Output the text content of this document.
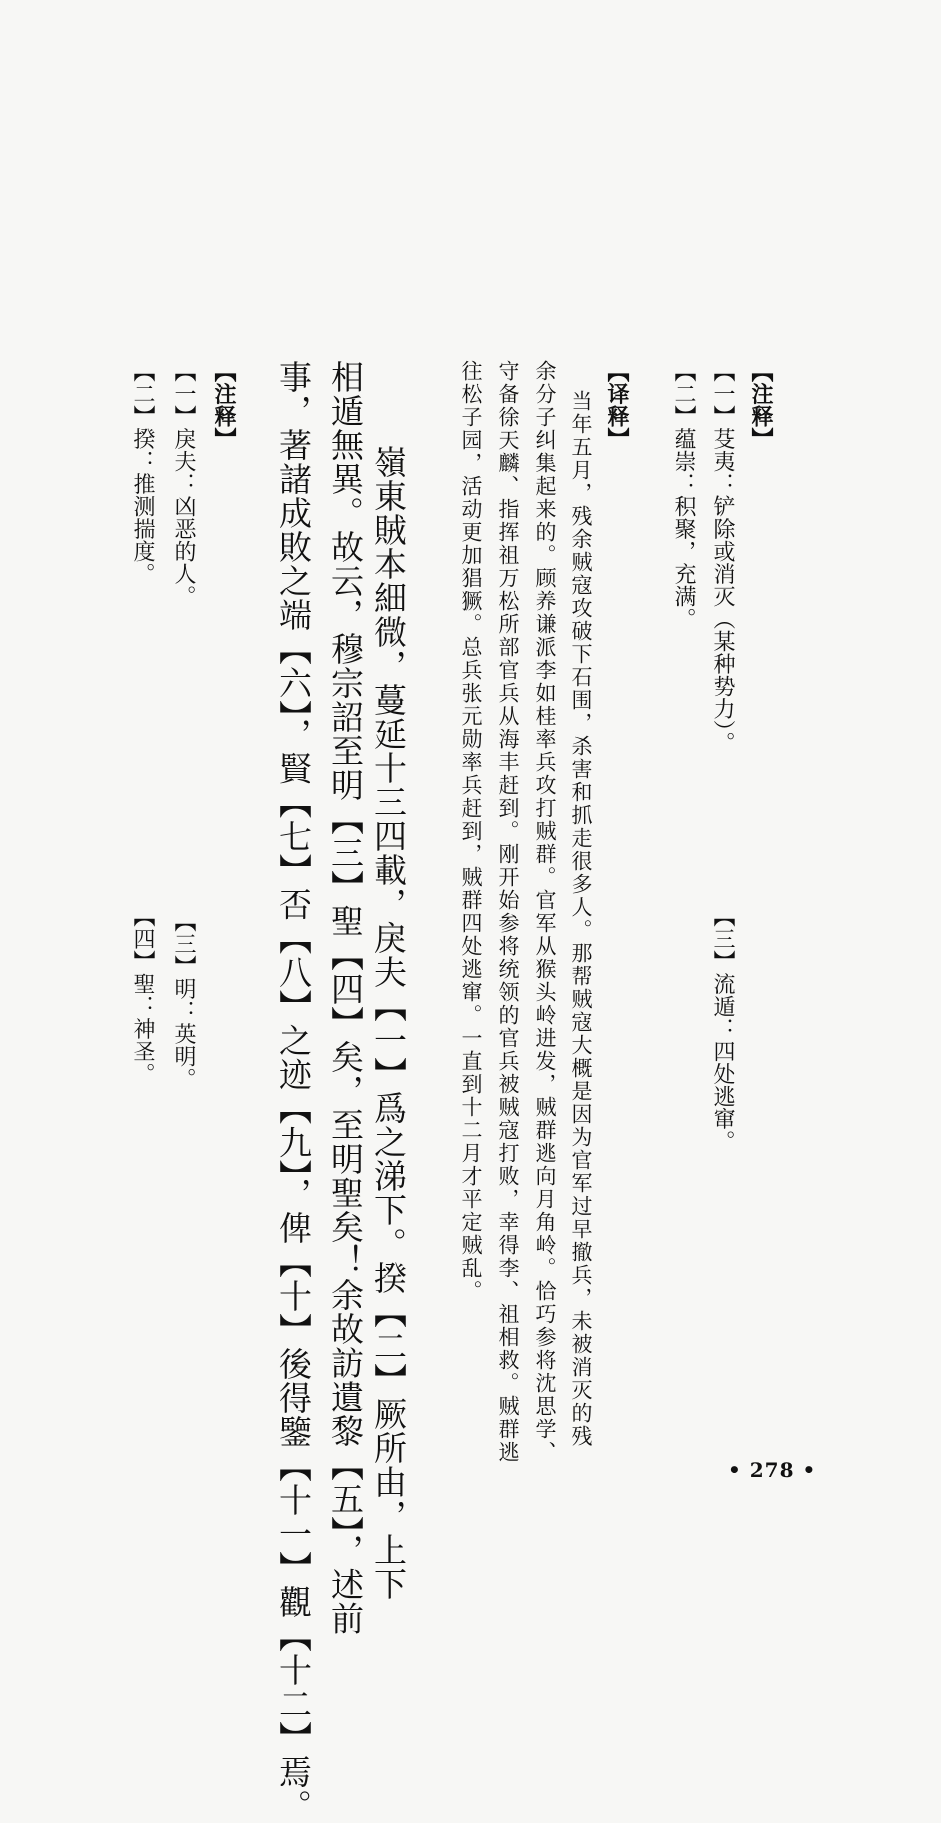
【注释】
【一】芟夷：铲除或消灭（某种势力）。
【二】蕴崇：积聚，充满。
【三】流遁：四处逃窜。
【译释】
当年五月，残余贼寇攻破下石围，杀害和抓走很多人。那帮贼寇大概是因为官军过早撤兵，未被消灭的残
余分子纠集起来的。顾养谦派李如桂率兵攻打贼群。官军从猴头岭进发，贼群逃向月角岭。恰巧参将沈思学、
守备徐天麟、指挥祖万松所部官兵从海丰赶到。刚开始参将统领的官兵被贼寇打败，幸得李、祖相救。贼群逃
往松子园，活动更加猖獗。总兵张元勋率兵赶到，贼群四处逃窜。一直到十二月才平定贼乱。
嶺東賊本細微，蔓延十三四載，戾夫【一】爲之涕下。揆【二】厥所由，上下
相遁無異。故云，穆宗詔至明【三】聖【四】矣，至明聖矣！余故訪遺黎【五】，述前
事，著諸成敗之端【六】，賢【七】否【八】之迹【九】，俾【十】後得鑒【十一】觀【十二】焉。
【注释】
【一】戾夫：凶恶的人。
【二】揆：推测揣度。
【三】明：英明。
【四】聖：神圣。
• 278 •
